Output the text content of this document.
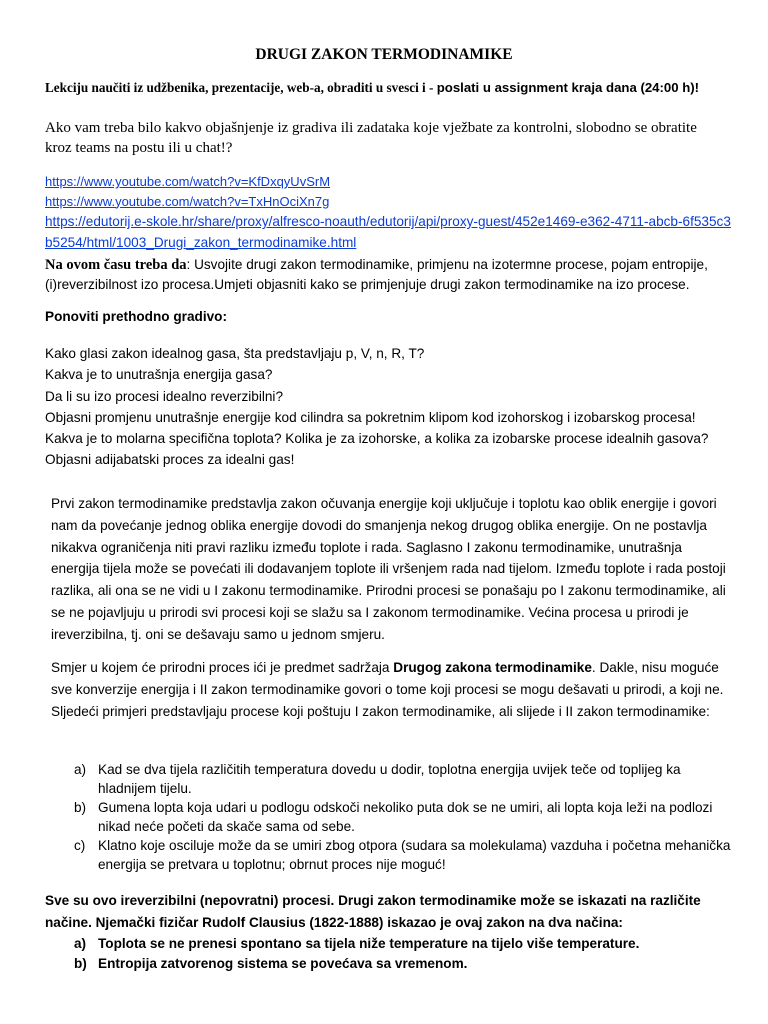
DRUGI ZAKON TERMODINAMIKE
Lekciju naučiti iz udžbenika, prezentacije, web-a, obraditi u svesci i - poslati u assignment kraja dana (24:00 h)!
Ako vam treba bilo kakvo objašnjenje iz gradiva ili zadataka koje vježbate za kontrolni, slobodno se obratite kroz teams na postu ili u chat!?
https://www.youtube.com/watch?v=KfDxqyUvSrM
https://www.youtube.com/watch?v=TxHnOciXn7g
https://edutorij.e-skole.hr/share/proxy/alfresco-noauth/edutorij/api/proxy-guest/452e1469-e362-4711-abcb-6f535c3b5254/html/1003_Drugi_zakon_termodinamike.html
Na ovom času treba da: Usvojite drugi zakon termodinamike, primjenu na izotermne procese, pojam entropije, (i)reverzibilnost izo procesa.Umjeti objasniti kako se primjenjuje drugi zakon termodinamike na izo procese.
Ponoviti prethodno gradivo:
Kako glasi zakon idealnog gasa, šta predstavljaju p, V, n, R, T?
Kakva je to unutrašnja energija gasa?
Da li su izo procesi idealno reverzibilni?
Objasni promjenu unutrašnje energije kod cilindra sa pokretnim klipom kod izohorskog i izobarskog procesa!
Kakva je to molarna specifična toplota? Kolika je za izohorske, a kolika za izobarske procese idealnih gasova?
Objasni adijabatski proces za idealni gas!
Prvi zakon termodinamike predstavlja zakon očuvanja energije koji uključuje i toplotu kao oblik energije i govori nam da povećanje jednog oblika energije dovodi do smanjenja nekog drugog oblika energije. On ne postavlja nikakva ograničenja niti pravi razliku između toplote i rada. Saglasno I zakonu termodinamike, unutrašnja energija tijela može se povećati ili dodavanjem toplote ili vršenjem rada nad tijelom. Između toplote i rada postoji razlika, ali ona se ne vidi u I zakonu termodinamike. Prirodni procesi se ponašaju po I zakonu termodinamike, ali se ne pojavljuju u prirodi svi procesi koji se slažu sa I zakonom termodinamike. Većina procesa u prirodi je ireverzibilna, tj. oni se dešavaju samo u jednom smjeru.
Smjer u kojem će prirodni proces ići je predmet sadržaja Drugog zakona termodinamike. Dakle, nisu moguće sve konverzije energija i II zakon termodinamike govori o tome koji procesi se mogu dešavati u prirodi, a koji ne. Sljedeći primjeri predstavljaju procese koji poštuju I zakon termodinamike, ali slijede i II zakon termodinamike:
a) Kad se dva tijela različitih temperatura dovedu u dodir, toplotna energija uvijek teče od toplijeg ka hladnijem tijelu.
b) Gumena lopta koja udari u podlogu odskoči nekoliko puta dok se ne umiri, ali lopta koja leži na podlozi nikad neće početi da skače sama od sebe.
c) Klatno koje osciluje može da se umiri zbog otpora (sudara sa molekulama) vazduha i početna mehanička energija se pretvara u toplotnu; obrnut proces nije moguć!
Sve su ovo ireverzibilni (nepovratni) procesi. Drugi zakon termodinamike može se iskazati na različite načine. Njemački fizičar Rudolf Clausius (1822-1888) iskazao je ovaj zakon na dva načina:
a) Toplota se ne prenesi spontano sa tijela niže temperature na tijelo više temperature.
b) Entropija zatvorenog sistema se povećava sa vremenom.
